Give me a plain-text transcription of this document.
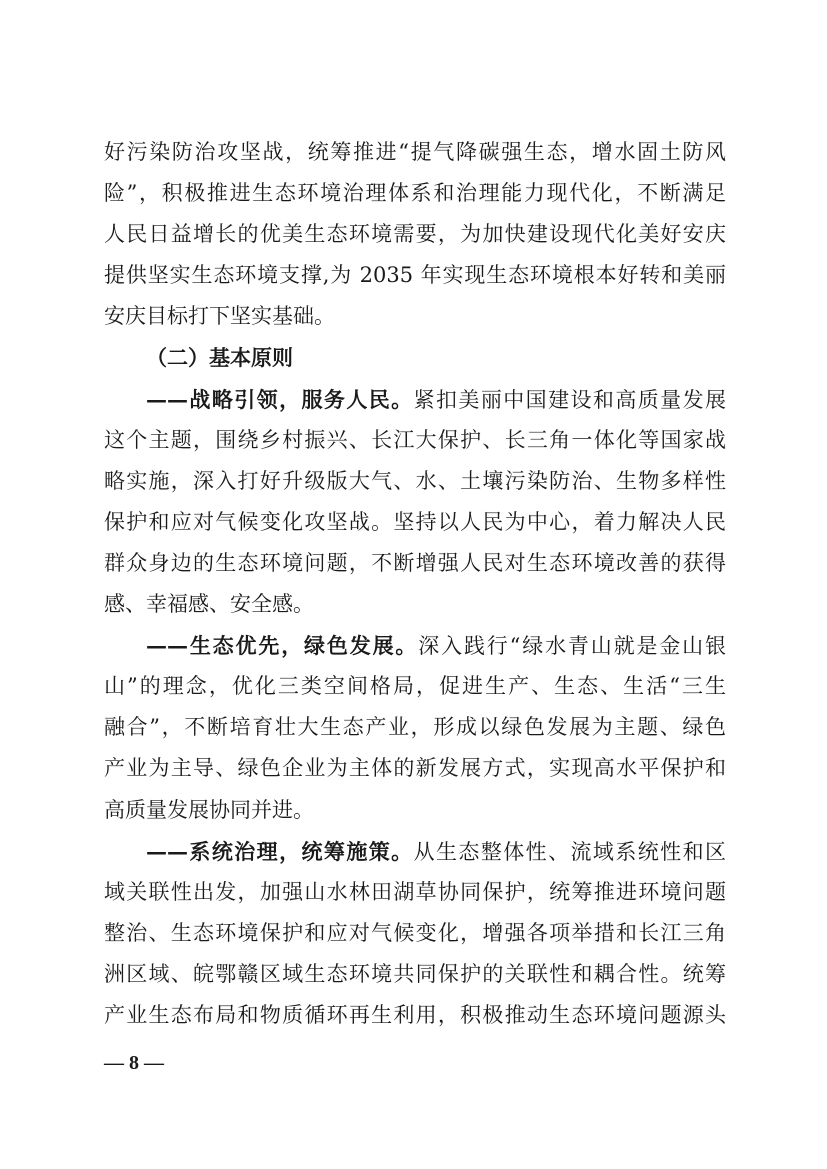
好污染防治攻坚战，统筹推进“提气降碳强生态，增水固土防风
险”，积极推进生态环境治理体系和治理能力现代化，不断满足
人民日益增长的优美生态环境需要，为加快建设现代化美好安庆
提供坚实生态环境支撑,为 2035 年实现生态环境根本好转和美丽
安庆目标打下坚实基础。
（二）基本原则
——战略引领，服务人民。紧扣美丽中国建设和高质量发展
这个主题，围绕乡村振兴、长江大保护、长三角一体化等国家战
略实施，深入打好升级版大气、水、土壤污染防治、生物多样性
保护和应对气候变化攻坚战。坚持以人民为中心，着力解决人民
群众身边的生态环境问题，不断增强人民对生态环境改善的获得
感、幸福感、安全感。
——生态优先，绿色发展。深入践行“绿水青山就是金山银
山”的理念，优化三类空间格局，促进生产、生态、生活“三生
融合”，不断培育壮大生态产业，形成以绿色发展为主题、绿色
产业为主导、绿色企业为主体的新发展方式，实现高水平保护和
高质量发展协同并进。
——系统治理，统筹施策。从生态整体性、流域系统性和区
域关联性出发，加强山水林田湖草协同保护，统筹推进环境问题
整治、生态环境保护和应对气候变化，增强各项举措和长江三角
洲区域、皖鄂赣区域生态环境共同保护的关联性和耦合性。统筹
产业生态布局和物质循环再生利用，积极推动生态环境问题源头
— 8 —
